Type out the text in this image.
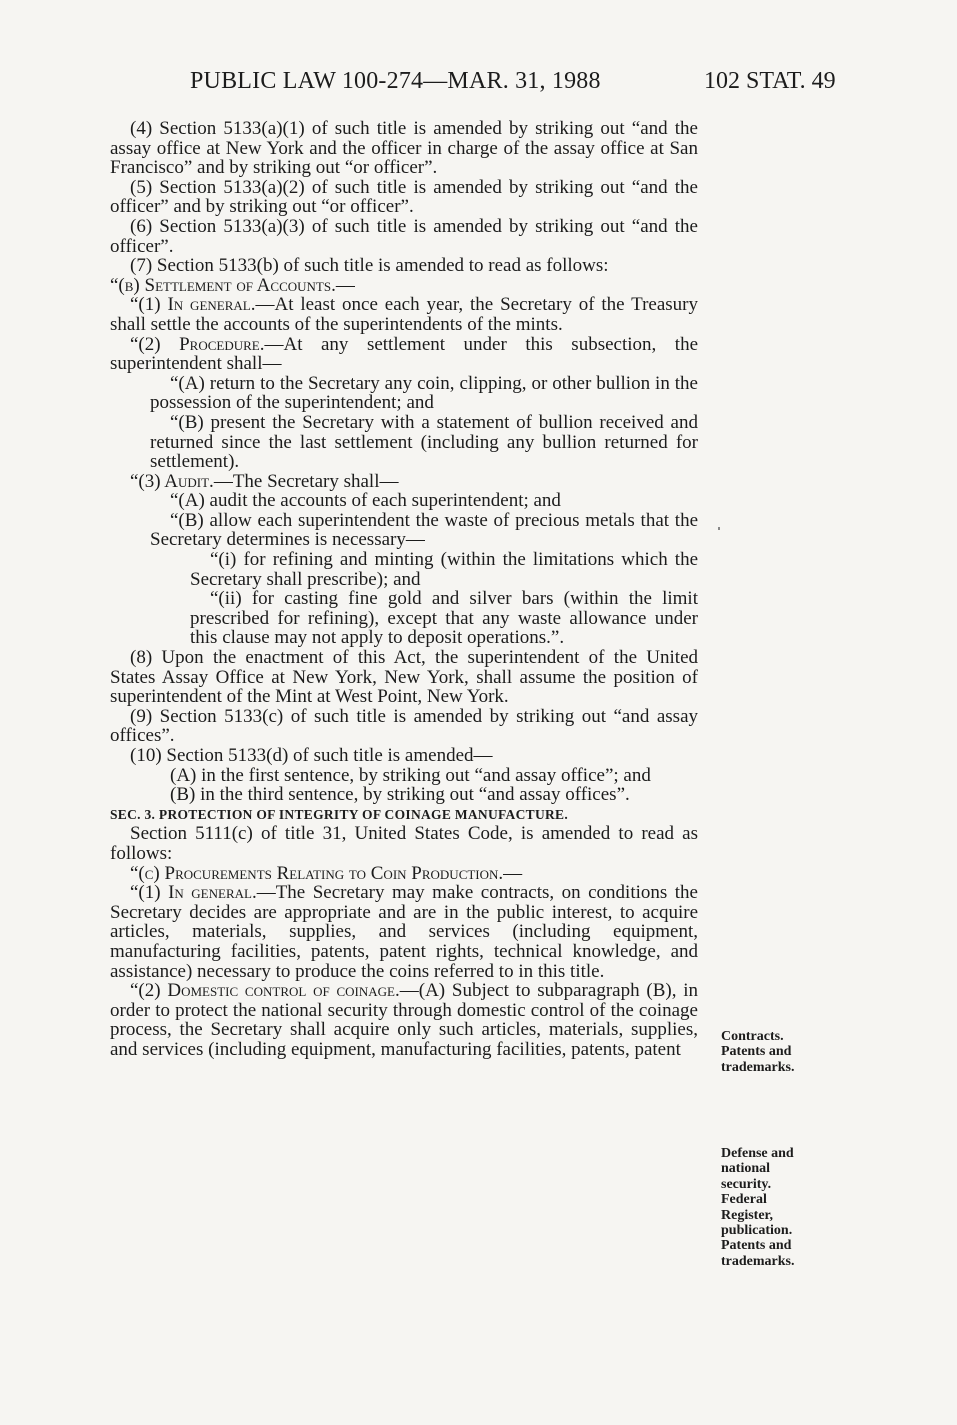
PUBLIC LAW 100-274—MAR. 31, 1988	102 STAT. 49

(4) Section 5133(a)(1) of such title is amended by striking out “and the assay office at New York and the officer in charge of the assay office at San Francisco” and by striking out “or officer”.

(5) Section 5133(a)(2) of such title is amended by striking out “and the officer” and by striking out “or officer”.

(6) Section 5133(a)(3) of such title is amended by striking out “and the officer”.

(7) Section 5133(b) of such title is amended to read as follows:

“(b) Settlement of Accounts.—

“(1) In general.—At least once each year, the Secretary of the Treasury shall settle the accounts of the superintendents of the mints.

“(2) Procedure.—At any settlement under this subsection, the superintendent shall—

“(A) return to the Secretary any coin, clipping, or other bullion in the possession of the superintendent; and

“(B) present the Secretary with a statement of bullion received and returned since the last settlement (including any bullion returned for settlement).

“(3) Audit.—The Secretary shall—

“(A) audit the accounts of each superintendent; and

“(B) allow each superintendent the waste of precious metals that the Secretary determines is necessary—

“(i) for refining and minting (within the limitations which the Secretary shall prescribe); and

“(ii) for casting fine gold and silver bars (within the limit prescribed for refining), except that any waste allowance under this clause may not apply to deposit operations.”.

(8) Upon the enactment of this Act, the superintendent of the United States Assay Office at New York, New York, shall assume the position of superintendent of the Mint at West Point, New York.

(9) Section 5133(c) of such title is amended by striking out “and assay offices”.

(10) Section 5133(d) of such title is amended—

(A) in the first sentence, by striking out “and assay office”; and

(B) in the third sentence, by striking out “and assay offices”.

SEC. 3. PROTECTION OF INTEGRITY OF COINAGE MANUFACTURE.

Section 5111(c) of title 31, United States Code, is amended to read as follows:

“(c) Procurements Relating to Coin Production.—

“(1) In general.—The Secretary may make contracts, on conditions the Secretary decides are appropriate and are in the public interest, to acquire articles, materials, supplies, and services (including equipment, manufacturing facilities, patents, patent rights, technical knowledge, and assistance) necessary to produce the coins referred to in this title.

“(2) Domestic control of coinage.—(A) Subject to subparagraph (B), in order to protect the national security through domestic control of the coinage process, the Secretary shall acquire only such articles, materials, supplies, and services (including equipment, manufacturing facilities, patents, patent

Contracts.
Patents and
trademarks.
Defense and
national
security.
Federal
Register,
publication.
Patents and
trademarks.
